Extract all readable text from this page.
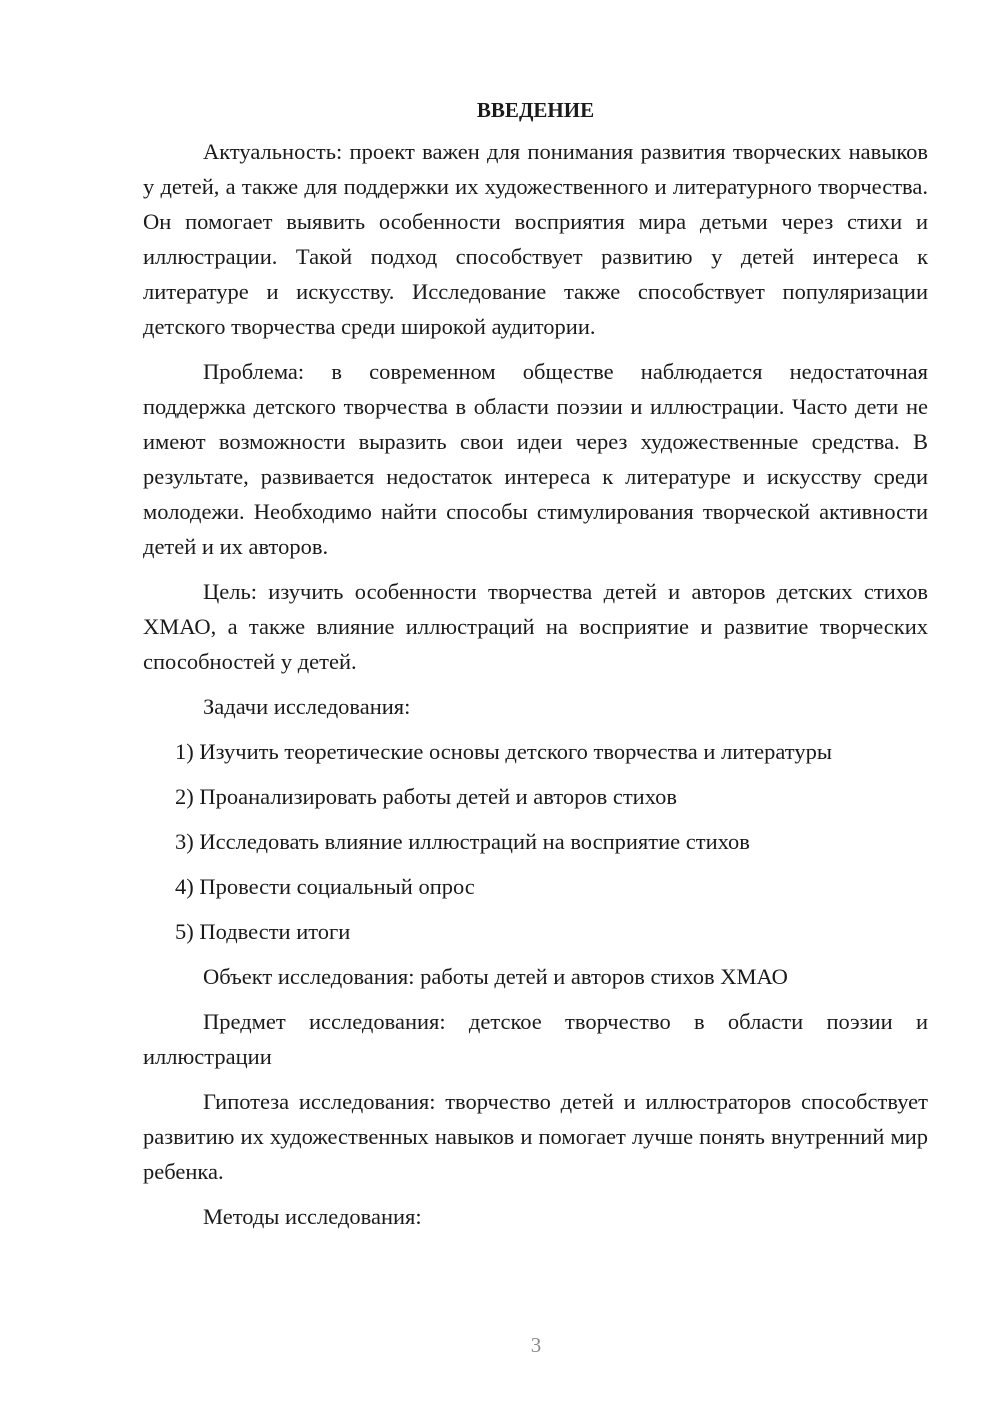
ВВЕДЕНИЕ

Актуальность: проект важен для понимания развития творческих навыков у детей, а также для поддержки их художественного и литературного творчества. Он помогает выявить особенности восприятия мира детьми через стихи и иллюстрации. Такой подход способствует развитию у детей интереса к литературе и искусству. Исследование также способствует популяризации детского творчества среди широкой аудитории.

Проблема: в современном обществе наблюдается недостаточная поддержка детского творчества в области поэзии и иллюстрации. Часто дети не имеют возможности выразить свои идеи через художественные средства. В результате, развивается недостаток интереса к литературе и искусству среди молодежи. Необходимо найти способы стимулирования творческой активности детей и их авторов.

Цель: изучить особенности творчества детей и авторов детских стихов ХМАО, а также влияние иллюстраций на восприятие и развитие творческих способностей у детей.

Задачи исследования:

1) Изучить теоретические основы детского творчества и литературы

2) Проанализировать работы детей и авторов стихов

3) Исследовать влияние иллюстраций на восприятие стихов

4) Провести социальный опрос

5) Подвести итоги

Объект исследования: работы детей и авторов стихов ХМАО

Предмет исследования: детское творчество в области поэзии и иллюстрации

Гипотеза исследования: творчество детей и иллюстраторов способствует развитию их художественных навыков и помогает лучше понять внутренний мир ребенка.

Методы исследования:

3
